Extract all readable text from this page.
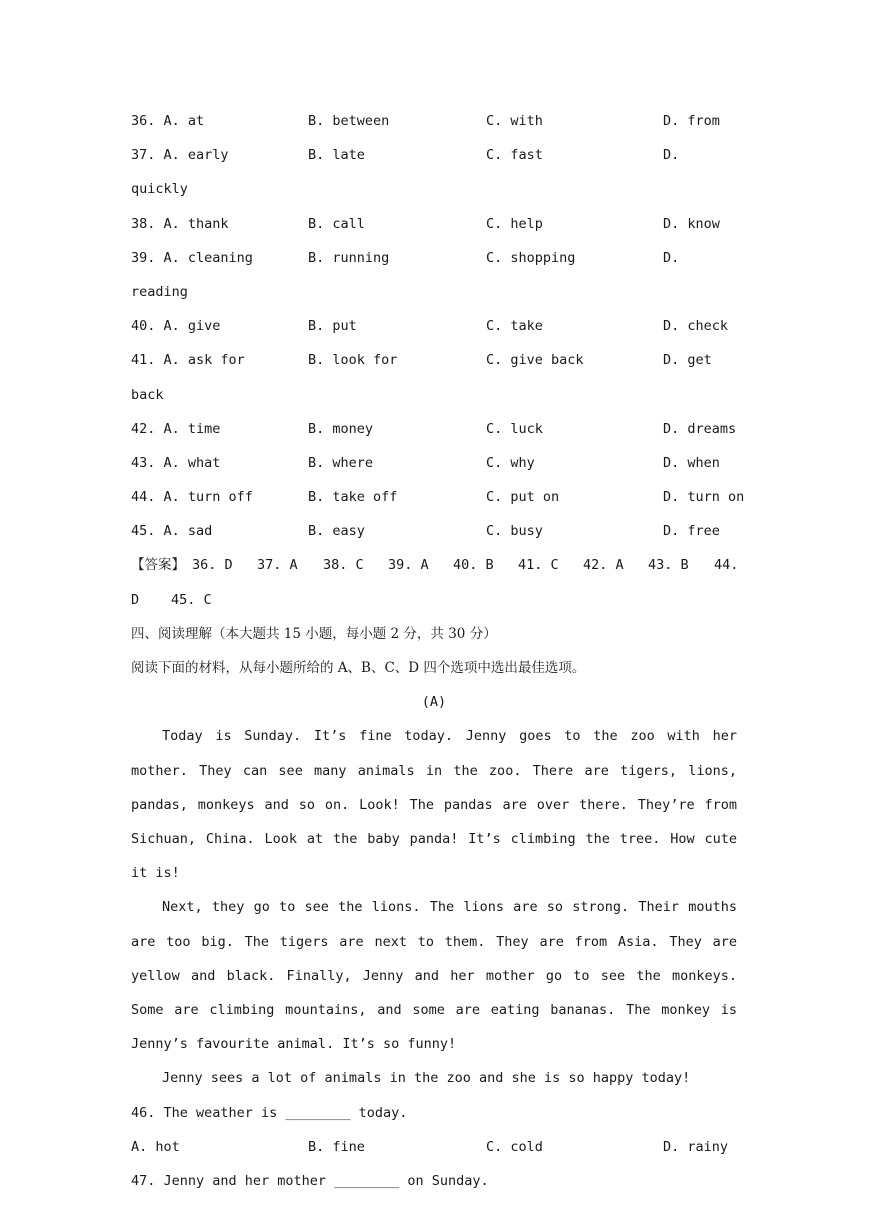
36. A. at	B. between	C. with	D. from
37. A. early	B. late	C. fast	D.
quickly
38. A. thank	B. call	C. help	D. know
39. A. cleaning	B. running	C. shopping	D.
reading
40. A. give	B. put	C. take	D. check
41. A. ask for	B. look for	C. give back	D. get
back
42. A. time	B. money	C. luck	D. dreams
43. A. what	B. where	C. why	D. when
44. A. turn off	B. take off	C. put on	D. turn on
45. A. sad	B. easy	C. busy	D. free
【答案】 36. D 37. A 38. C 39. A 40. B 41. C 42. A 43. B 44.
D 45. C
四、阅读理解（本大题共 15 小题，每小题 2 分，共 30 分）
阅读下面的材料，从每小题所给的 A、B、C、D 四个选项中选出最佳选项。
(A)
Today is Sunday. It’s fine today. Jenny goes to the zoo with her mother. They can see many animals in the zoo. There are tigers, lions, pandas, monkeys and so on. Look! The pandas are over there. They’re from Sichuan, China. Look at the baby panda! It’s climbing the tree. How cute it is!
Next, they go to see the lions. The lions are so strong. Their mouths are too big. The tigers are next to them. They are from Asia. They are yellow and black. Finally, Jenny and her mother go to see the monkeys. Some are climbing mountains, and some are eating bananas. The monkey is Jenny’s favourite animal. It’s so funny!
Jenny sees a lot of animals in the zoo and she is so happy today!
46. The weather is ________ today.
A. hot	B. fine	C. cold	D. rainy
47. Jenny and her mother ________ on Sunday.
